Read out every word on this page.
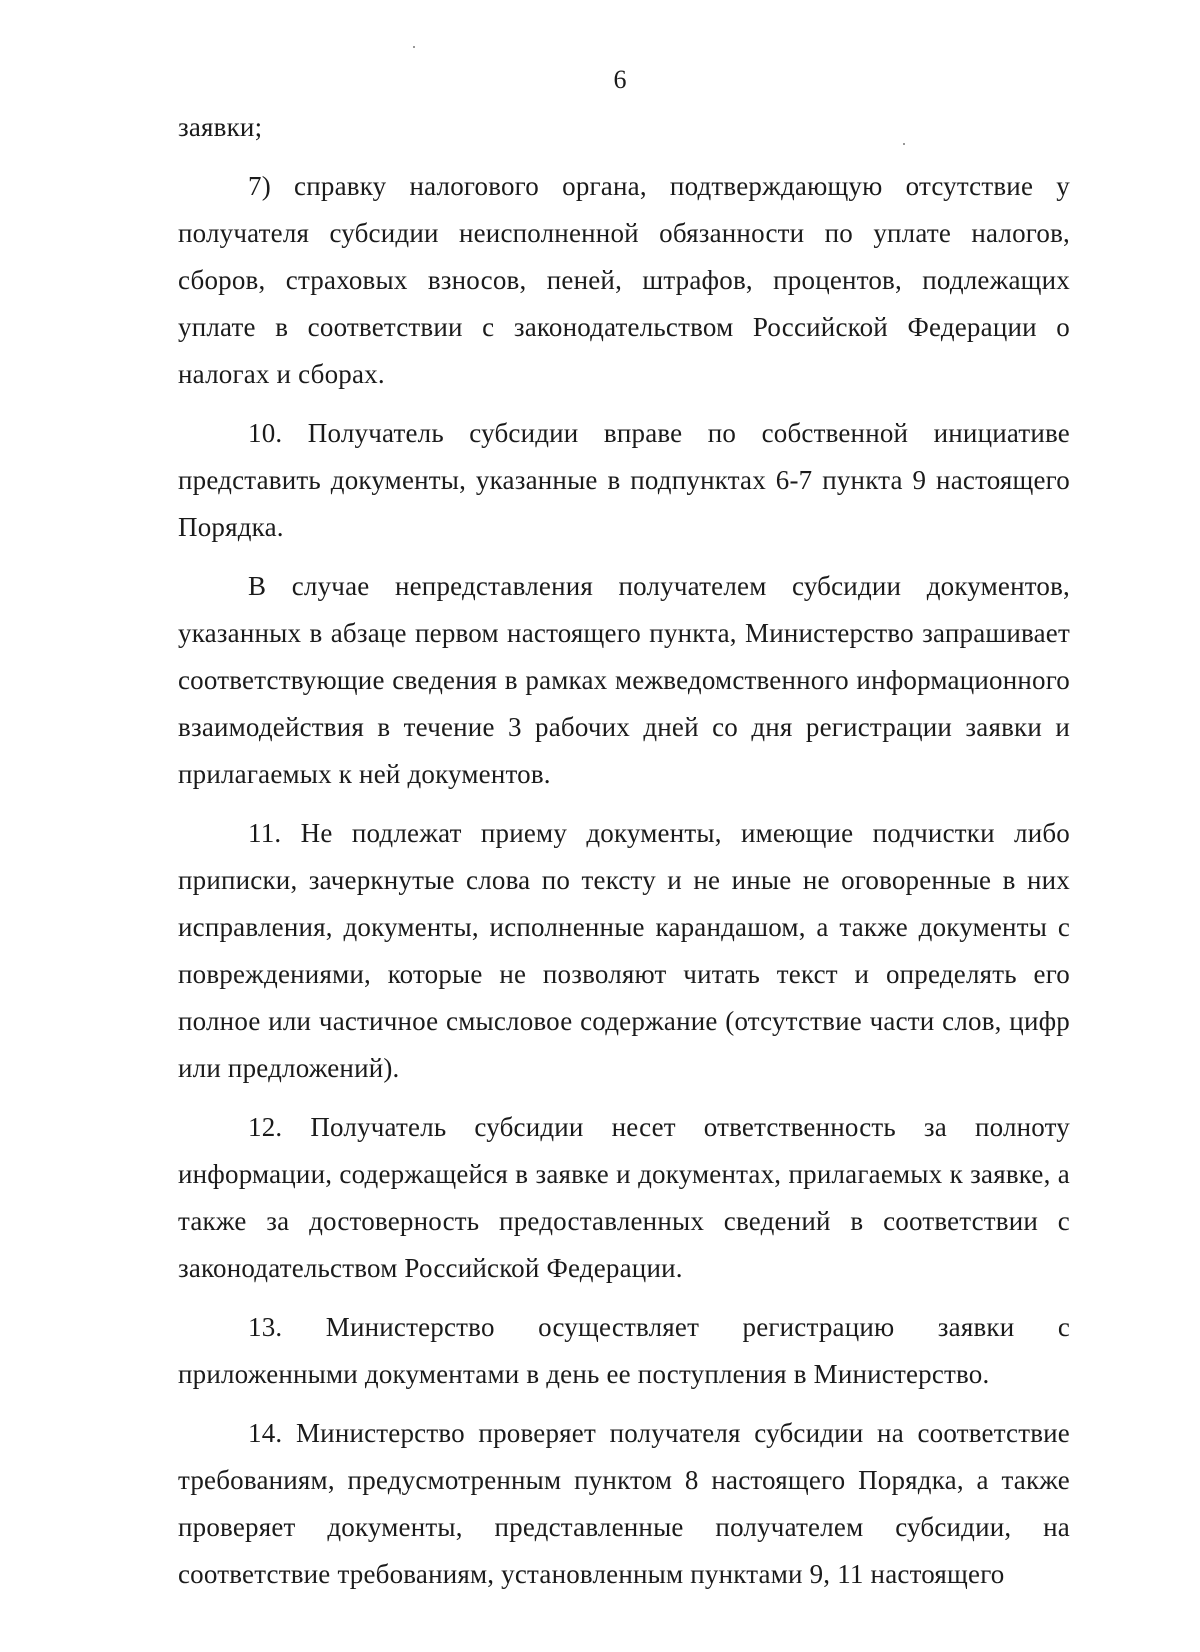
6

заявки;

7) справку налогового органа, подтверждающую отсутствие у получателя субсидии неисполненной обязанности по уплате налогов, сборов, страховых взносов, пеней, штрафов, процентов, подлежащих уплате в соответствии с законодательством Российской Федерации о налогах и сборах.

10. Получатель субсидии вправе по собственной инициативе представить документы, указанные в подпунктах 6-7 пункта 9 настоящего Порядка.

В случае непредставления получателем субсидии документов, указанных в абзаце первом настоящего пункта, Министерство запрашивает соответствующие сведения в рамках межведомственного информационного взаимодействия в течение 3 рабочих дней со дня регистрации заявки и прилагаемых к ней документов.

11. Не подлежат приему документы, имеющие подчистки либо приписки, зачеркнутые слова по тексту и не иные не оговоренные в них исправления, документы, исполненные карандашом, а также документы с повреждениями, которые не позволяют читать текст и определять его полное или частичное смысловое содержание (отсутствие части слов, цифр или предложений).

12. Получатель субсидии несет ответственность за полноту информации, содержащейся в заявке и документах, прилагаемых к заявке, а также за достоверность предоставленных сведений в соответствии с законодательством Российской Федерации.

13. Министерство осуществляет регистрацию заявки с приложенными документами в день ее поступления в Министерство.

14. Министерство проверяет получателя субсидии на соответствие требованиям, предусмотренным пунктом 8 настоящего Порядка, а также проверяет документы, представленные получателем субсидии, на соответствие требованиям, установленным пунктами 9, 11 настоящего
